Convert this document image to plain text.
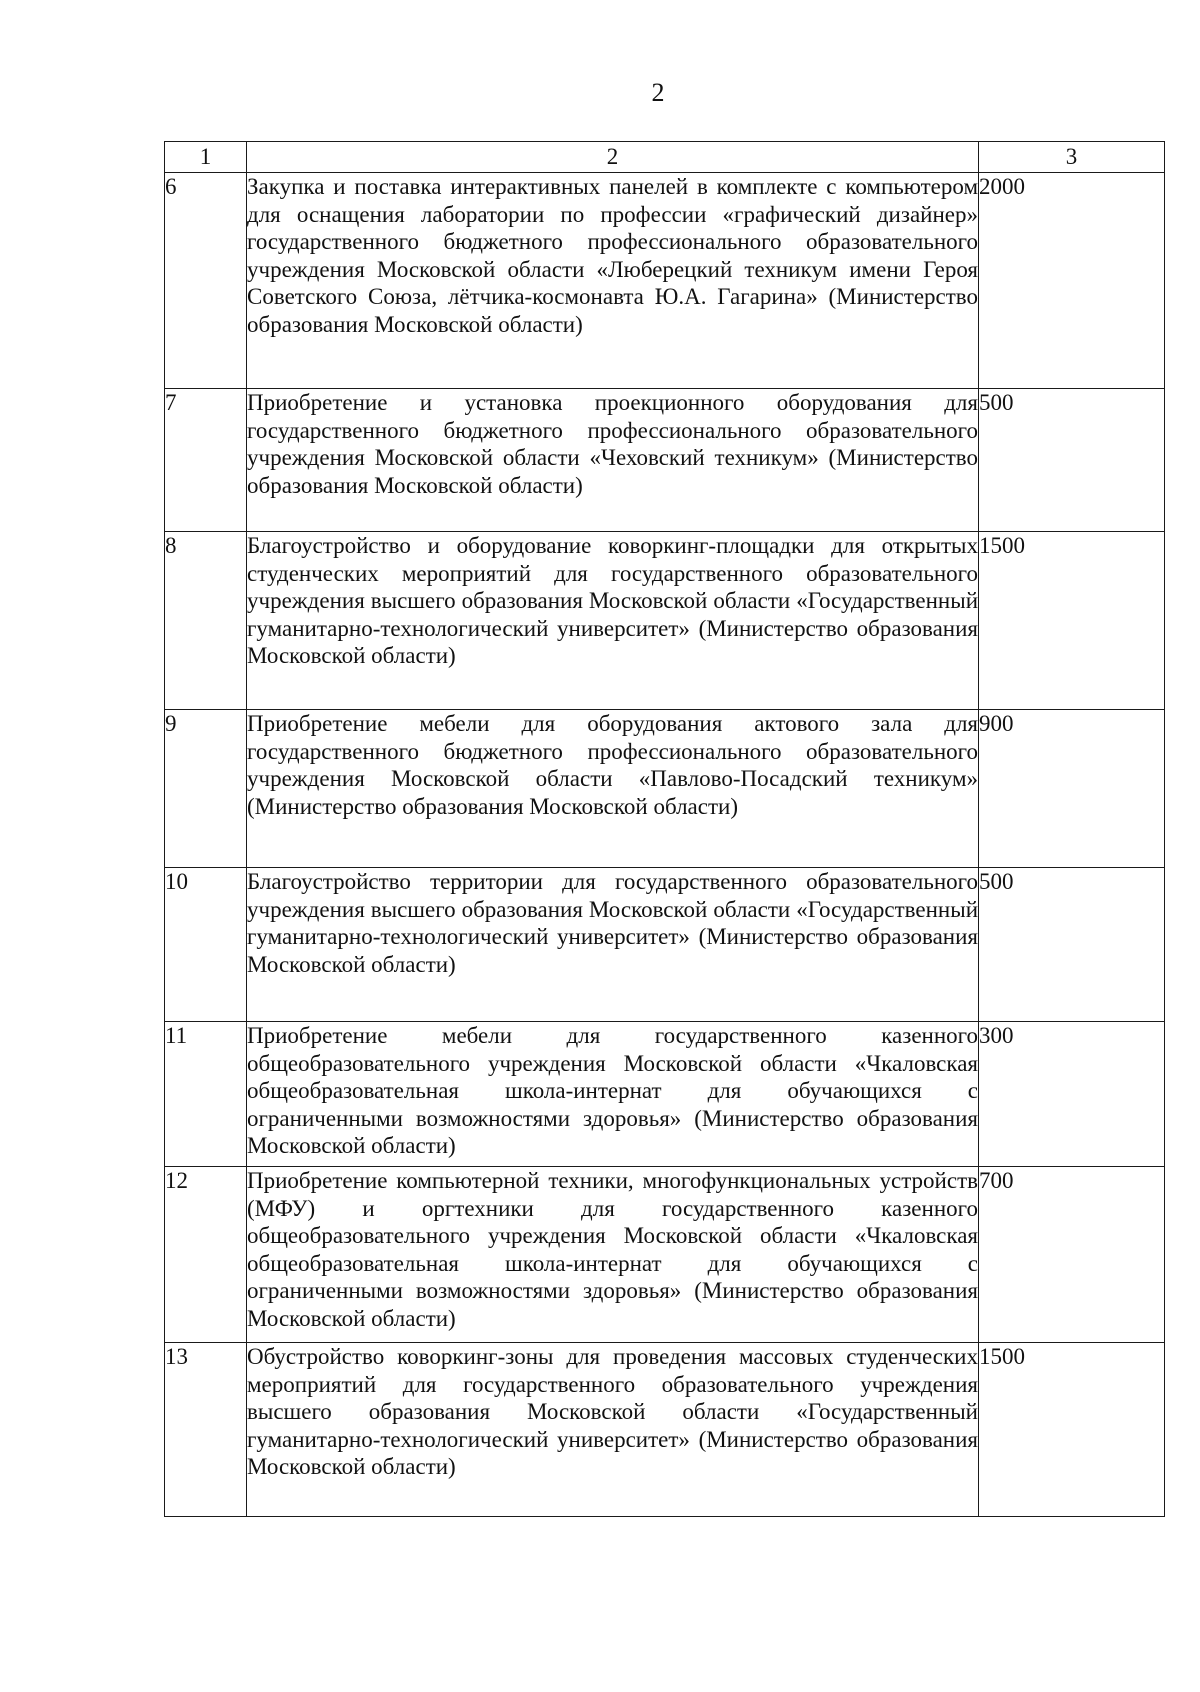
2
1	2	3
6	Закупка и поставка интерактивных панелей в комплекте с компьютером для оснащения лаборатории по профессии «графический дизайнер» государственного бюджетного профессионального образовательного учреждения Московской области «Люберецкий техникум имени Героя Советского Союза, лётчика-космонавта Ю.А. Гагарина» (Министерство образования Московской области)	2000
7	Приобретение и установка проекционного оборудования для государственного бюджетного профессионального образовательного учреждения Московской области «Чеховский техникум» (Министерство образования Московской области)	500
8	Благоустройство и оборудование коворкинг-площадки для открытых студенческих мероприятий для государственного образовательного учреждения высшего образования Московской области «Государственный гуманитарно-технологический университет» (Министерство образования Московской области)	1500
9	Приобретение мебели для оборудования актового зала для государственного бюджетного профессионального образовательного учреждения Московской области «Павлово-Посадский техникум» (Министерство образования Московской области)	900
10	Благоустройство территории для государственного образовательного учреждения высшего образования Московской области «Государственный гуманитарно-технологический университет» (Министерство образования Московской области)	500
11	Приобретение мебели для государственного казенного общеобразовательного учреждения Московской области «Чкаловская общеобразовательная школа-интернат для обучающихся с ограниченными возможностями здоровья» (Министерство образования Московской области)	300
12	Приобретение компьютерной техники, многофункциональных устройств (МФУ) и оргтехники для государственного казенного общеобразовательного учреждения Московской области «Чкаловская общеобразовательная школа-интернат для обучающихся с ограниченными возможностями здоровья» (Министерство образования Московской области)	700
13	Обустройство коворкинг-зоны для проведения массовых студенческих мероприятий для государственного образовательного учреждения высшего образования Московской области «Государственный гуманитарно-технологический университет» (Министерство образования Московской области)	1500
